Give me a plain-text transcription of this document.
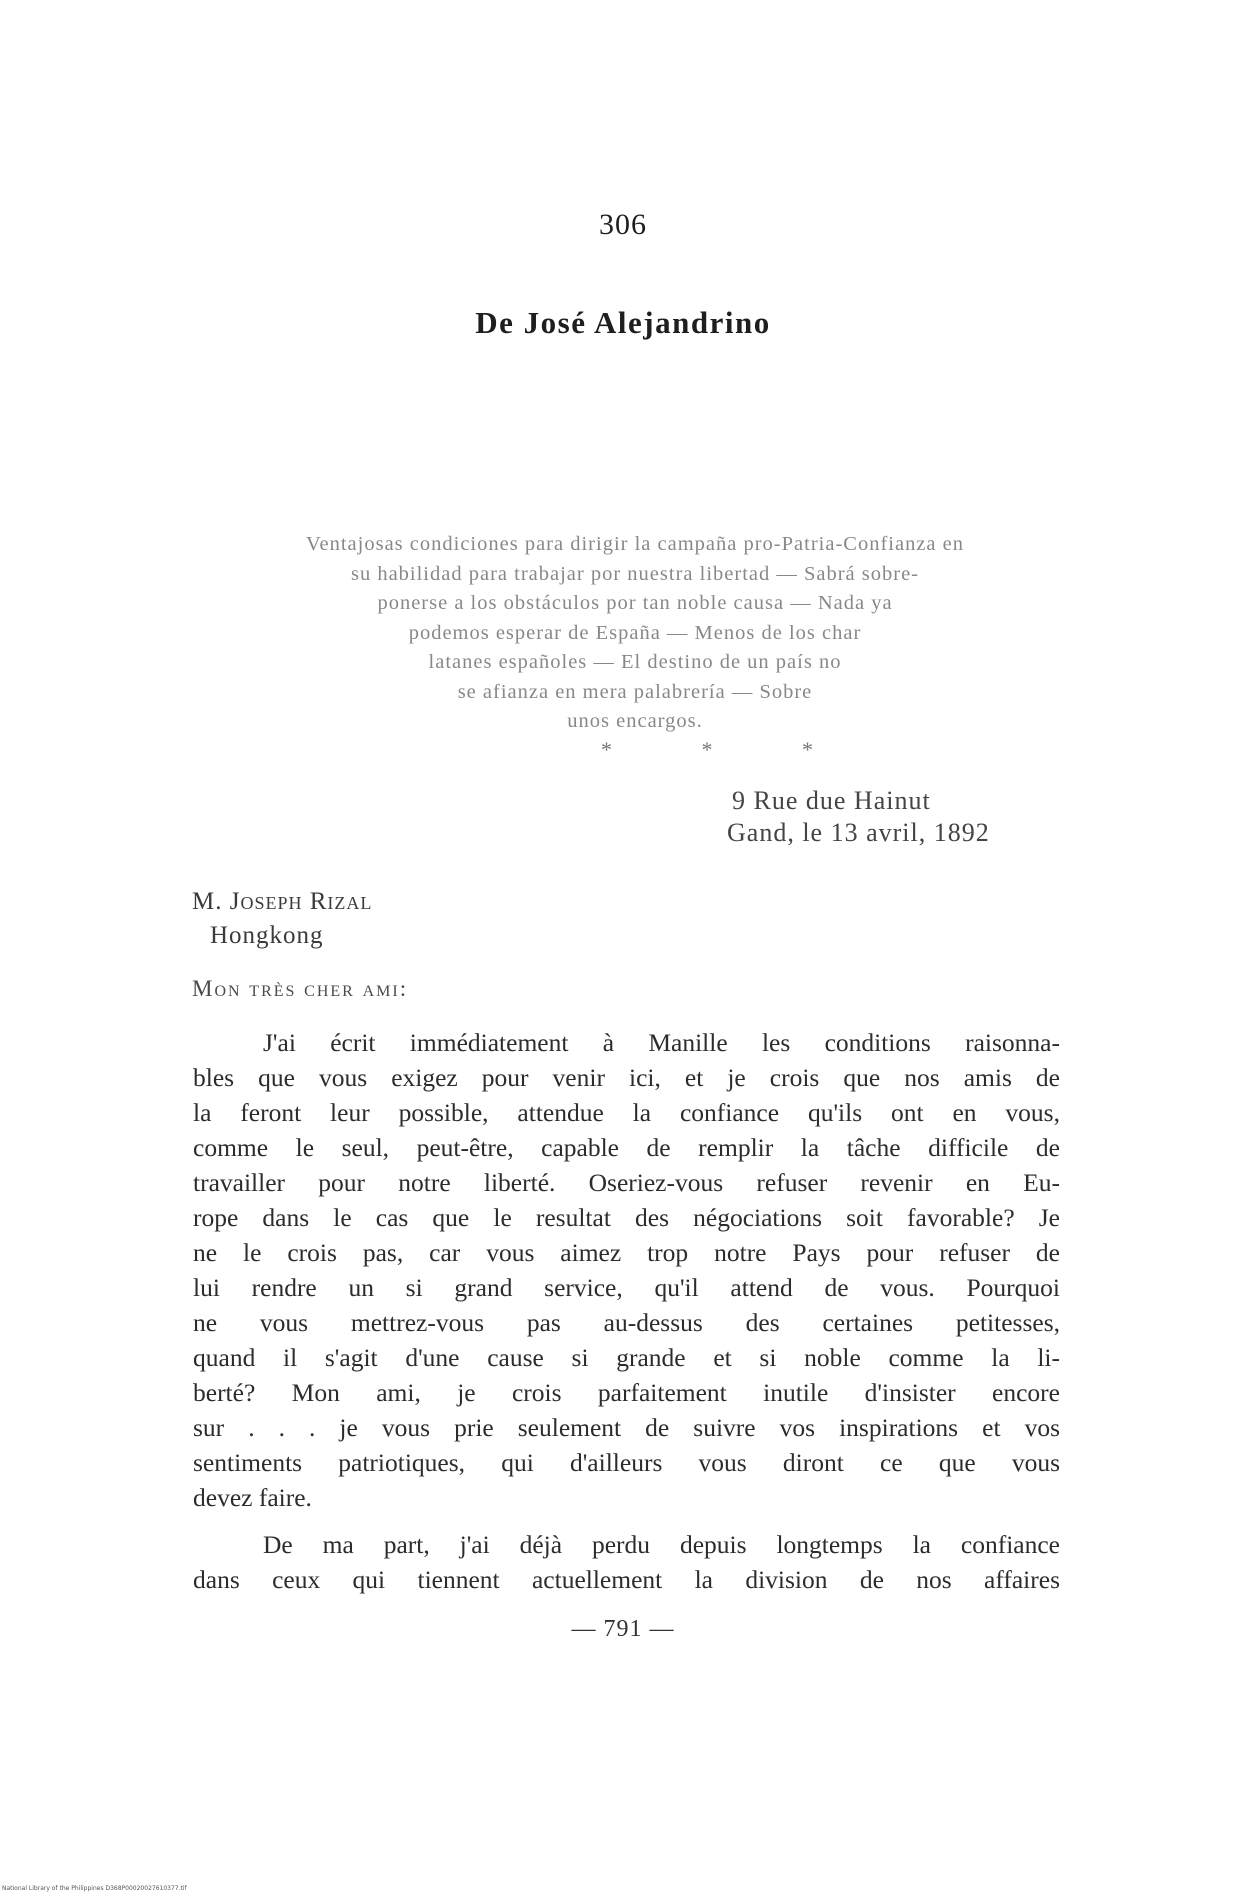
306
De José Alejandrino
Ventajosas condiciones para dirigir la campaña pro-Patria-Confianza en
su habilidad para trabajar por nuestra libertad — Sabrá sobre-
ponerse a los obstáculos por tan noble causa — Nada ya
podemos esperar de España — Menos de los char
latanes españoles — El destino de un país no
se afianza en mera palabrería — Sobre
unos encargos.
* * *
9 Rue due Hainut
Gand, le 13 avril, 1892
M. Joseph Rizal
Hongkong
Mon très cher ami:
J'ai écrit immédiatement à Manille les conditions raisonna-
bles que vous exigez pour venir ici, et je crois que nos amis de
la feront leur possible, attendue la confiance qu'ils ont en vous,
comme le seul, peut-être, capable de remplir la tâche difficile de
travailler pour notre liberté. Oseriez-vous refuser revenir en Eu-
rope dans le cas que le resultat des négociations soit favorable? Je
ne le crois pas, car vous aimez trop notre Pays pour refuser de
lui rendre un si grand service, qu'il attend de vous. Pourquoi
ne vous mettrez-vous pas au-dessus des certaines petitesses,
quand il s'agit d'une cause si grande et si noble comme la li-
berté? Mon ami, je crois parfaitement inutile d'insister encore
sur . . . je vous prie seulement de suivre vos inspirations et vos
sentiments patriotiques, qui d'ailleurs vous diront ce que vous
devez faire.
De ma part, j'ai déjà perdu depuis longtemps la confiance
dans ceux qui tiennent actuellement la division de nos affaires
— 791 —
National Library of the Philippines D368P00020027610377.tif
